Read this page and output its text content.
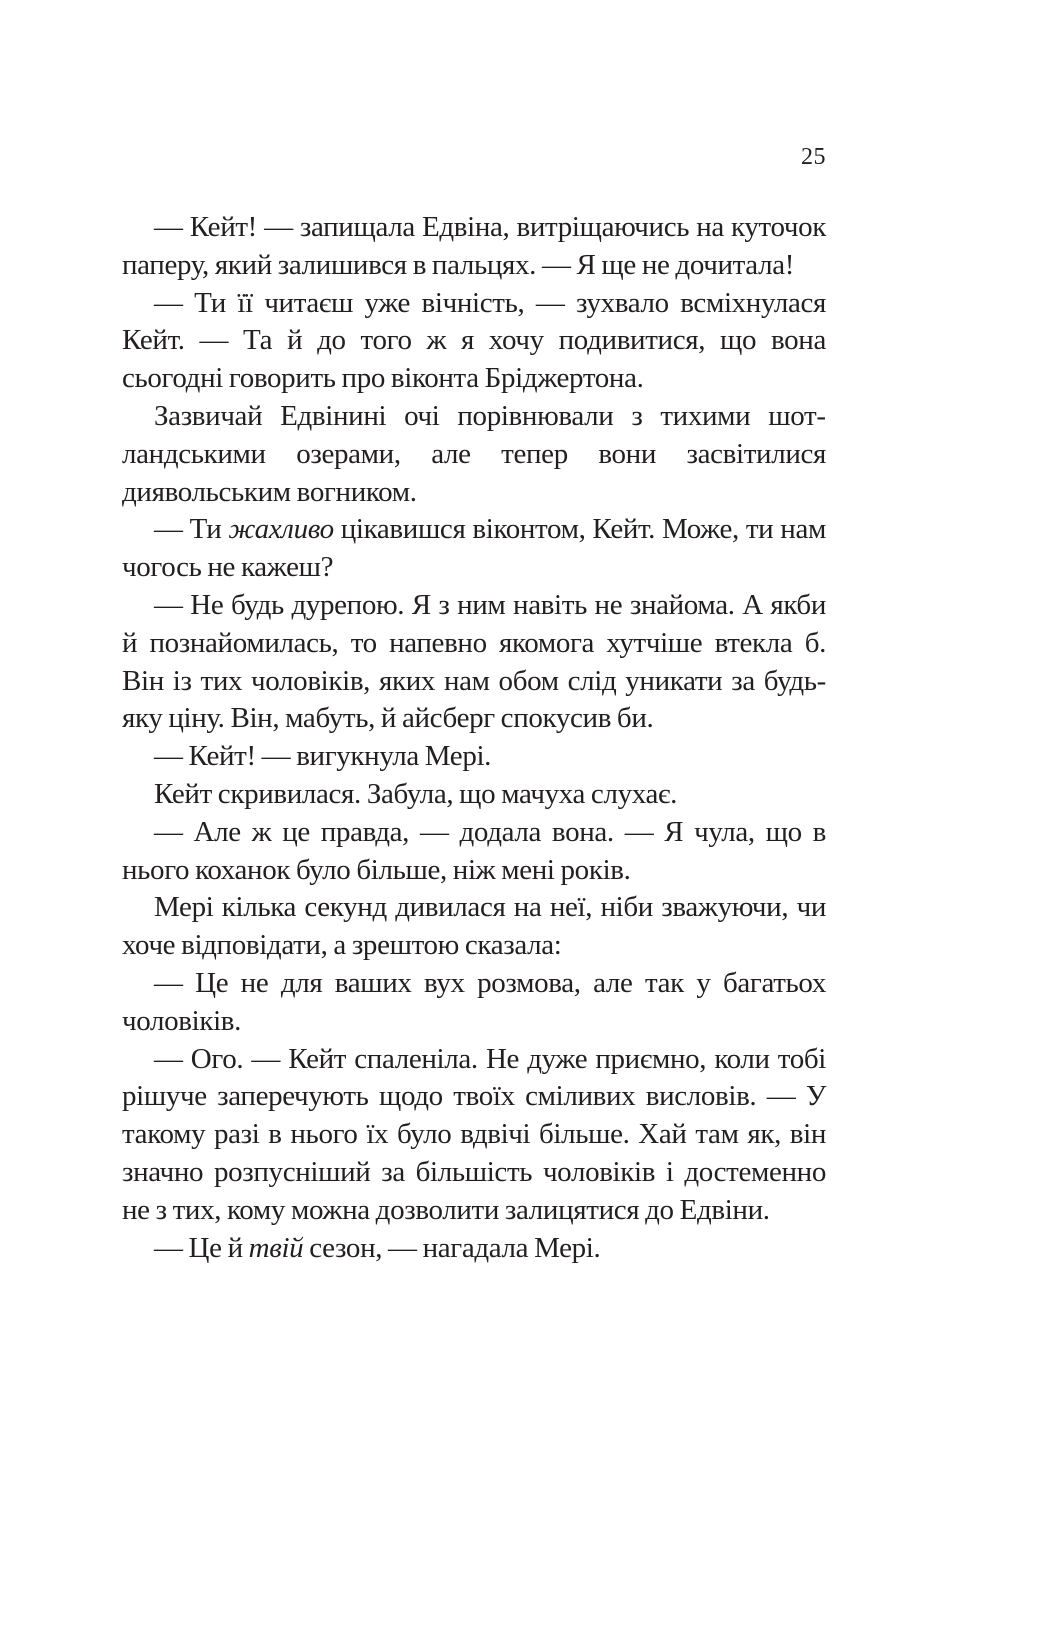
25

— Кейт! — запищала Едвіна, витріщаючись на куточок паперу, який залишився в пальцях. — Я ще не дочитала!

— Ти її читаєш уже вічність, — зухвало всміхнулася Кейт. — Та й до того ж я хочу подивитися, що вона сьогодні говорить про віконта Бріджертона.

Зазвичай Едвінині очі порівнювали з тихими шотландськими озерами, але тепер вони засвітилися диявольським вогником.

— Ти жахливо цікавишся віконтом, Кейт. Може, ти нам чогось не кажеш?

— Не будь дурепою. Я з ним навіть не знайома. А якби й познайомилась, то напевно якомога хутчіше втекла б. Він із тих чоловіків, яких нам обом слід уникати за будь-яку ціну. Він, мабуть, й айсберг спокусив би.

— Кейт! — вигукнула Мері.

Кейт скривилася. Забула, що мачуха слухає.

— Але ж це правда, — додала вона. — Я чула, що в нього коханок було більше, ніж мені років.

Мері кілька секунд дивилася на неї, ніби зважуючи, чи хоче відповідати, а зрештою сказала:

— Це не для ваших вух розмова, але так у багатьох чоловіків.

— Ого. — Кейт спаленіла. Не дуже приємно, коли тобі рішуче заперечують щодо твоїх сміливих висловів. — У такому разі в нього їх було вдвічі більше. Хай там як, він значно розпусніший за більшість чоловіків і достеменно не з тих, кому можна дозволити залицятися до Едвіни.

— Це й твій сезон, — нагадала Мері.
